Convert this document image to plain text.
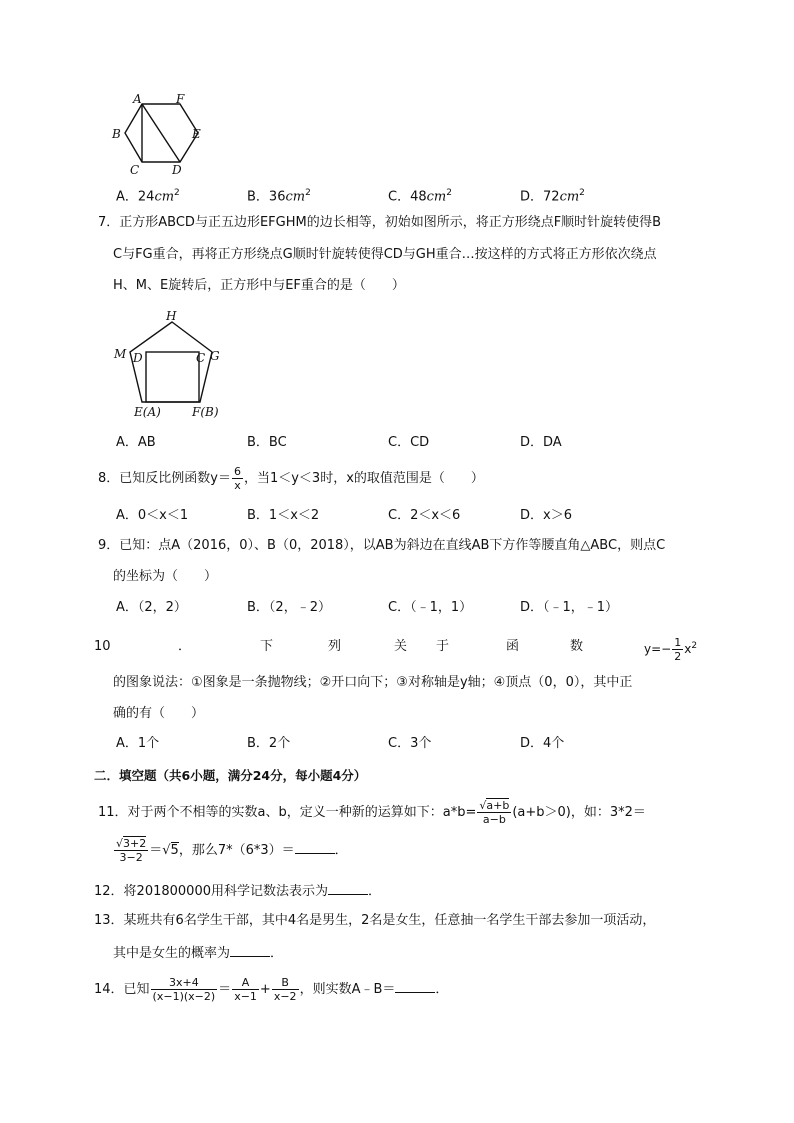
A	F
B	E
C	D
A．$24cm^2$	B．$36cm^2$	C．$48cm^2$	D．$72cm^2$
7．正方形ABCD与正五边形EFGHM的边长相等，初始如图所示，将正方形绕点F顺时针旋转使得B
C与FG重合，再将正方形绕点G顺时针旋转使得CD与GH重合…按这样的方式将正方形依次绕点
H、M、E旋转后，正方形中与EF重合的是（　　）
H
M D	C G
E(A)	F(B)
A．AB	B．BC	C．CD	D．DA
8．已知反比例函数$y= \frac{6}{x}$ ，当1＜y＜3时，x的取值范围是（　　）
A．0＜x＜1	B．1＜x＜2	C．2＜x＜6	D．x＞6
9．已知：点A（2016，0）、B（0，2018），以AB为斜边在直线AB下方作等腰直角△ABC，则点C
的坐标为（　　）
A．（2，2）	B．（2，﹣2）	C．（﹣1，1）	D．（﹣1，﹣1）
10	．	下	列	关 于	函	数	$y=- \frac{1}{2} x^2$
的图象说法：①图象是一条抛物线；②开口向下；③对称轴是y轴；④顶点（0，0），其中正
确的有（　　）
A．1个	B．2个	C．3个	D．4个
二．填空题（共6小题，满分24分，每小题4分）
11．对于两个不相等的实数a、b，定义一种新的运算如下：$a*b= \frac{√a+b}{a-b} (a+b>0)$，如：3*2＝
$\frac{√3+2}{3-2} =√5$，那么7*（6*3）＝	．
12．将201800000用科学记数法表示为	．
13．某班共有6名学生干部，其中4名是男生，2名是女生，任意抽一名学生干部去参加一项活动，
其中是女生的概率为	．
14．已知 $\frac{3x+4}{(x-1)(x-2)} = \frac{A}{x-1} + \frac{B}{x-2}$ ，则实数A﹣B＝	．
